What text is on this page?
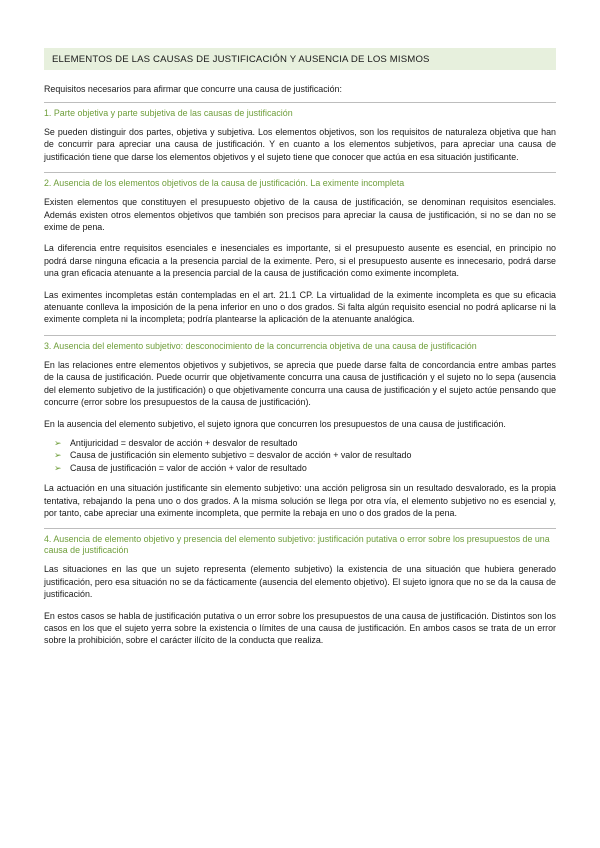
ELEMENTOS DE LAS CAUSAS DE JUSTIFICACIÓN Y AUSENCIA DE LOS MISMOS

Requisitos necesarios para afirmar que concurre una causa de justificación:

1. Parte objetiva y parte subjetiva de las causas de justificación

Se pueden distinguir dos partes, objetiva y subjetiva. Los elementos objetivos, son los requisitos de naturaleza objetiva que han de concurrir para apreciar una causa de justificación. Y en cuanto a los elementos subjetivos, para apreciar una causa de justificación tiene que darse los elementos objetivos y el sujeto tiene que conocer que actúa en esa situación justificante.

2. Ausencia de los elementos objetivos de la causa de justificación. La eximente incompleta

Existen elementos que constituyen el presupuesto objetivo de la causa de justificación, se denominan requisitos esenciales. Además existen otros elementos objetivos que también son precisos para apreciar la causa de justificación, si no se dan no se exime de pena.

La diferencia entre requisitos esenciales e inesenciales es importante, si el presupuesto ausente es esencial, en principio no podrá darse ninguna eficacia a la presencia parcial de la eximente. Pero, si el presupuesto ausente es innecesario, podrá darse una gran eficacia atenuante a la presencia parcial de la causa de justificación como eximente incompleta.

Las eximentes incompletas están contempladas en el art. 21.1 CP. La virtualidad de la eximente incompleta es que su eficacia atenuante conlleva la imposición de la pena inferior en uno o dos grados. Si falta algún requisito esencial no podrá aplicarse ni la eximente completa ni la incompleta; podría plantearse la aplicación de la atenuante analógica.

3. Ausencia del elemento subjetivo: desconocimiento de la concurrencia objetiva de una causa de justificación

En las relaciones entre elementos objetivos y subjetivos, se aprecia que puede darse falta de concordancia entre ambas partes de la causa de justificación. Puede ocurrir que objetivamente concurra una causa de justificación y el sujeto no lo sepa (ausencia del elemento subjetivo de la justificación) o que objetivamente concurra una causa de justificación y el sujeto actúe pensando que concurre (error sobre los presupuestos de la causa de justificación).

En la ausencia del elemento subjetivo, el sujeto ignora que concurren los presupuestos de una causa de justificación.

➢ Antijuricidad = desvalor de acción + desvalor de resultado
➢ Causa de justificación sin elemento subjetivo = desvalor de acción + valor de resultado
➢ Causa de justificación = valor de acción + valor de resultado

La actuación en una situación justificante sin elemento subjetivo: una acción peligrosa sin un resultado desvalorado, es la propia tentativa, rebajando la pena uno o dos grados. A la misma solución se llega por otra vía, el elemento subjetivo no es esencial y, por tanto, cabe apreciar una eximente incompleta, que permite la rebaja en uno o dos grados de la pena.

4. Ausencia de elemento objetivo y presencia del elemento subjetivo: justificación putativa o error sobre los presupuestos de una causa de justificación

Las situaciones en las que un sujeto representa (elemento subjetivo) la existencia de una situación que hubiera generado justificación, pero esa situación no se da fácticamente (ausencia del elemento objetivo). El sujeto ignora que no se da la causa de justificación.

En estos casos se habla de justificación putativa o un error sobre los presupuestos de una causa de justificación. Distintos son los casos en los que el sujeto yerra sobre la existencia o límites de una causa de justificación. En ambos casos se trata de un error sobre la prohibición, sobre el carácter ilícito de la conducta que realiza.
